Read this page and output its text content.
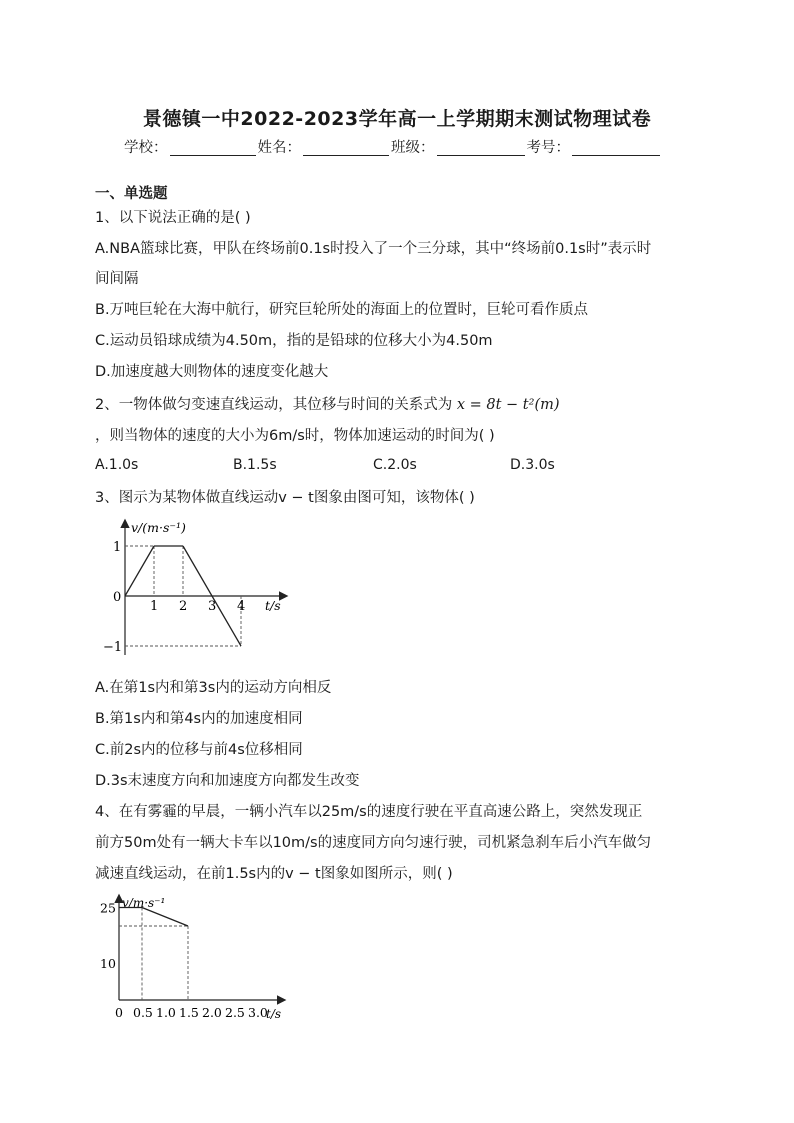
景德镇一中2022-2023学年高一上学期期末测试物理试卷
学校：	姓名：	班级：	考号：
一、单选题
1、以下说法正确的是( )
A.NBA篮球比赛，甲队在终场前0.1s时投入了一个三分球，其中“终场前0.1s时”表示时
间间隔
B.万吨巨轮在大海中航行，研究巨轮所处的海面上的位置时，巨轮可看作质点
C.运动员铅球成绩为4.50m，指的是铅球的位移大小为4.50m
D.加速度越大则物体的速度变化越大
2、一物体做匀变速直线运动，其位移与时间的关系式为 x = 8t − t²(m)
，则当物体的速度的大小为6m/s时，物体加速运动的时间为( )
A.1.0s	B.1.5s	C.2.0s	D.3.0s
3、图示为某物体做直线运动v − t图象由图可知，该物体( )
v/(m·s⁻¹)
t/s
1 2 3 4
1
0
−1
A.在第1s内和第3s内的运动方向相反
B.第1s内和第4s内的加速度相同
C.前2s内的位移与前4s位移相同
D.3s末速度方向和加速度方向都发生改变
4、在有雾霾的早晨，一辆小汽车以25m/s的速度行驶在平直高速公路上，突然发现正
前方50m处有一辆大卡车以10m/s的速度同方向匀速行驶，司机紧急刹车后小汽车做匀
减速直线运动，在前1.5s内的v − t图象如图所示，则( )
v/m·s⁻¹
t/s
0 0.5 1.0 1.5 2.0 2.5 3.0
25
10
